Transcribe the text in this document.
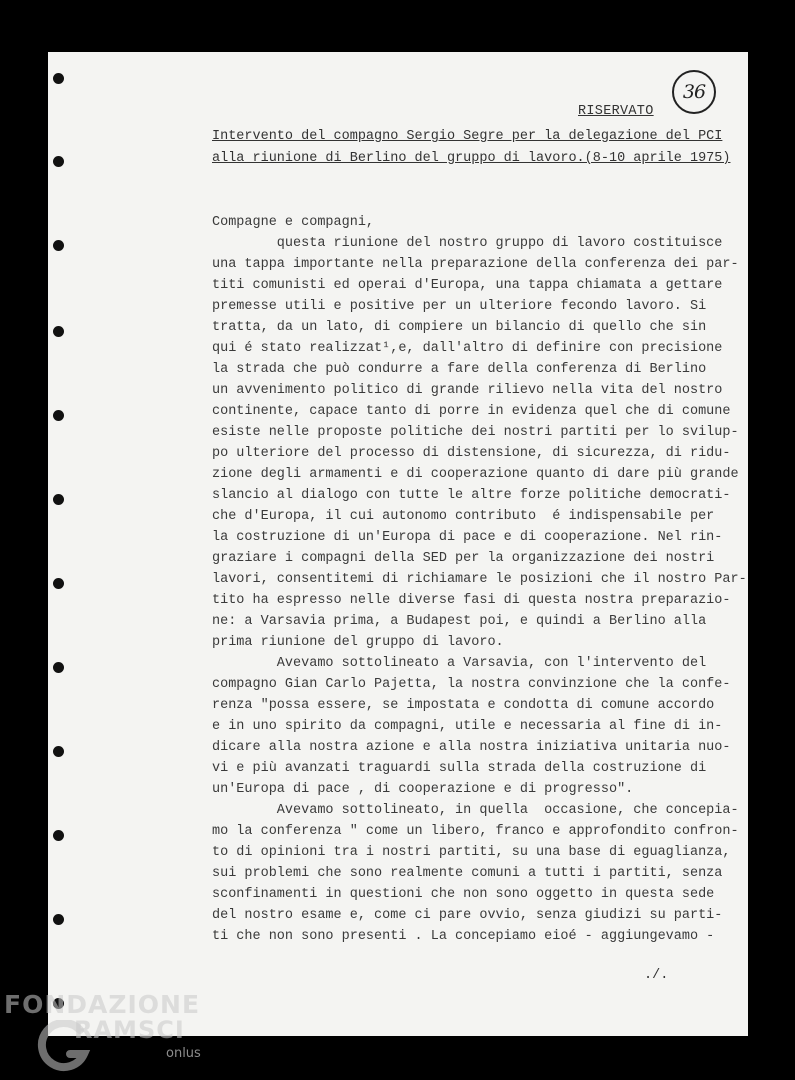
36
RISERVATO
Intervento del compagno Sergio Segre per la delegazione del PCI
alla riunione di Berlino del gruppo di lavoro.(8-10 aprile 1975)
Compagne e compagni,
questa riunione del nostro gruppo di lavoro costituisce
una tappa importante nella preparazione della conferenza dei par-
titi comunisti ed operai d'Europa, una tappa chiamata a gettare
premesse utili e positive per un ulteriore fecondo lavoro. Si
tratta, da un lato, di compiere un bilancio di quello che sin
qui é stato realizzat¹,e, dall'altro di definire con precisione
la strada che può condurre a fare della conferenza di Berlino
un avvenimento politico di grande rilievo nella vita del nostro
continente, capace tanto di porre in evidenza quel che di comune
esiste nelle proposte politiche dei nostri partiti per lo svilup-
po ulteriore del processo di distensione, di sicurezza, di ridu-
zione degli armamenti e di cooperazione quanto di dare più grande
slancio al dialogo con tutte le altre forze politiche democrati-
che d'Europa, il cui autonomo contributo  é indispensabile per
la costruzione di un'Europa di pace e di cooperazione. Nel rin-
graziare i compagni della SED per la organizzazione dei nostri
lavori, consentitemi di richiamare le posizioni che il nostro Par-
tito ha espresso nelle diverse fasi di questa nostra preparazio-
ne: a Varsavia prima, a Budapest poi, e quindi a Berlino alla
prima riunione del gruppo di lavoro.
Avevamo sottolineato a Varsavia, con l'intervento del
compagno Gian Carlo Pajetta, la nostra convinzione che la confe-
renza "possa essere, se impostata e condotta di comune accordo
e in uno spirito da compagni, utile e necessaria al fine di in-
dicare alla nostra azione e alla nostra iniziativa unitaria nuo-
vi e più avanzati traguardi sulla strada della costruzione di
un'Europa di pace , di cooperazione e di progresso".
Avevamo sottolineato, in quella  occasione, che concepia-
mo la conferenza " come un libero, franco e approfondito confron-
to di opinioni tra i nostri partiti, su una base di eguaglianza,
sui problemi che sono realmente comuni a tutti i partiti, senza
sconfinamenti in questioni che non sono oggetto in questa sede
del nostro esame e, come ci pare ovvio, senza giudizi su parti-
ti che non sono presenti . La concepiamo eioé - aggiungevamo -
./.
FONDAZIONE
RAMSCI
onlus
